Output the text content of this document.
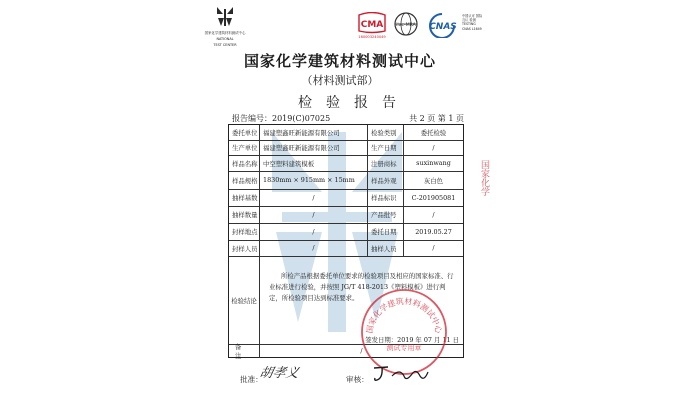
国家化学建筑材料测试中心
NATIONAL
TEST CENTER
CMA
160003240049
ilac-MRA CNAS
中国认可 国际互认 检测
TESTING CNAS L1649
国家化学建筑材料测试中心
（材料测试部）
检验报告
报告编号：2019(C)07025	共 2 页 第 1 页
委托单位 福建塑鑫旺新能源有限公司	检验类别	委托检验
生产单位 福建塑鑫旺新能源有限公司	生产日期	/
样品名称 中空塑料建筑模板	注册商标	suxinwang
样品规格 1830mm × 915mm × 15mm	样品外观	灰白色
抽样基数	/	样品标识	C-201905081
抽样数量	/	产品批号	/
封样地点	/	委托日期	2019.05.27
封样人员	/	抽样人员	/
检验结论
所检产品根据委托单位要求的检验项目及相应的国家标准、行业标准进行检验，并按照 JG/T 418-2013《塑料模板》进行判定，所检验项目达到标准要求。
签发日期：2019 年 07 月 11 日
备注
/
国家化学建筑材料测试中心
测试专用章
国家化学
批准：
胡孝义	审核：
